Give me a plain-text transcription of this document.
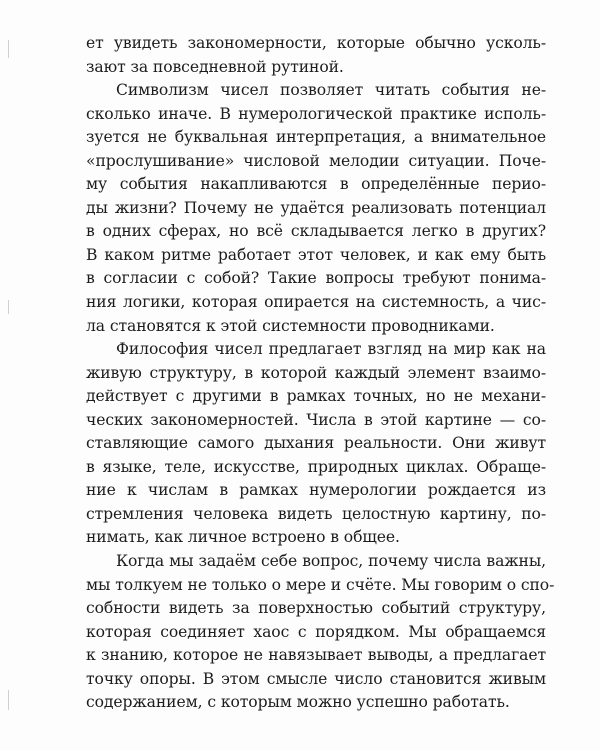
ет увидеть закономерности, которые обычно усколь-
зают за повседневной рутиной.
Символизм чисел позволяет читать события не-
сколько иначе. В нумерологической практике исполь-
зуется не буквальная интерпретация, а внимательное
«прослушивание» числовой мелодии ситуации. Поче-
му события накапливаются в определённые перио-
ды жизни? Почему не удаётся реализовать потенциал
в одних сферах, но всё складывается легко в других?
В каком ритме работает этот человек, и как ему быть
в согласии с собой? Такие вопросы требуют понима-
ния логики, которая опирается на системность, а чис-
ла становятся к этой системности проводниками.
Философия чисел предлагает взгляд на мир как на
живую структуру, в которой каждый элемент взаимо-
действует с другими в рамках точных, но не механи-
ческих закономерностей. Числа в этой картине — со-
ставляющие самого дыхания реальности. Они живут
в языке, теле, искусстве, природных циклах. Обраще-
ние к числам в рамках нумерологии рождается из
стремления человека видеть целостную картину, по-
нимать, как личное встроено в общее.
Когда мы задаём себе вопрос, почему числа важны,
мы толкуем не только о мере и счёте. Мы говорим о спо-
собности видеть за поверхностью событий структуру,
которая соединяет хаос с порядком. Мы обращаемся
к знанию, которое не навязывает выводы, а предлагает
точку опоры. В этом смысле число становится живым
содержанием, с которым можно успешно работать.
